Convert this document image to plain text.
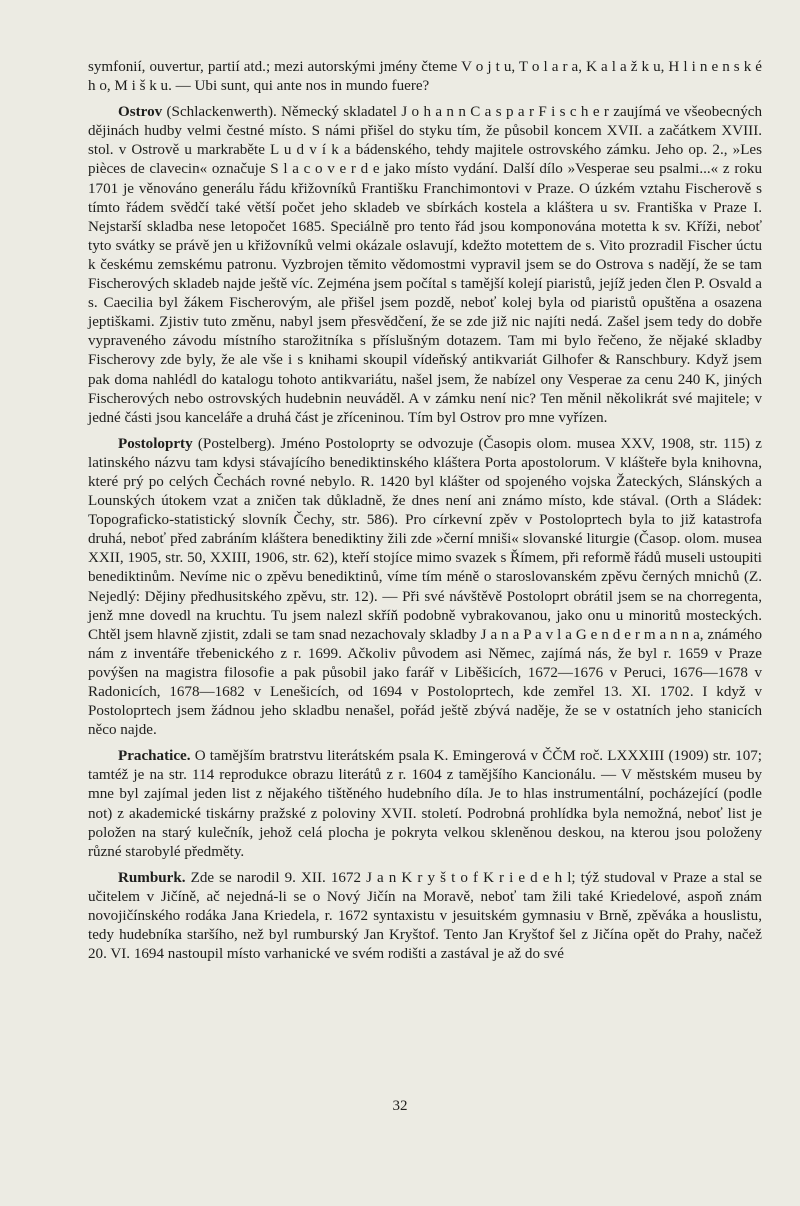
symfonií, ouvertur, partií atd.; mezi autorskými jmény čteme V o j t u, T o l a r a, K a l a ž k u, H l i n e n s k é h o, M i š k u. — Ubi sunt, qui ante nos in mundo fuere?

Ostrov (Schlackenwerth). Německý skladatel J o h a n n C a s p a r F i s c h e r zaujímá ve všeobecných dějinách hudby velmi čestné místo. S námi přišel do styku tím, že působil koncem XVII. a začátkem XVIII. stol. v Ostrově u markraběte L u d v í k a bádenského, tehdy majitele ostrovského zámku. Jeho op. 2., »Les pièces de clavecin« označuje S l a c o v e r d e jako místo vydání. Další dílo »Vesperae seu psalmi...« z roku 1701 je věnováno generálu řádu křižovníků Františku Franchimontovi v Praze. O úzkém vztahu Fischerově s tímto řádem svědčí také větší počet jeho skladeb ve sbírkách kostela a kláštera u sv. Františka v Praze I. Nejstarší skladba nese letopočet 1685. Speciálně pro tento řád jsou komponována motetta k sv. Kříži, neboť tyto svátky se právě jen u křižovníků velmi okázale oslavují, kdežto motettem de s. Vito prozradil Fischer úctu k českému zemskému patronu. Vyzbrojen těmito vědomostmi vypravil jsem se do Ostrova s nadějí, že se tam Fischerových skladeb najde ještě víc. Zejména jsem počítal s tamější kolejí piaristů, jejíž jeden člen P. Osvald a s. Caecilia byl žákem Fischerovým, ale přišel jsem pozdě, neboť kolej byla od piaristů opuštěna a osazena jeptiškami. Zjistiv tuto změnu, nabyl jsem přesvědčení, že se zde již nic najíti nedá. Zašel jsem tedy do dobře vypraveného závodu místního starožitníka s příslušným dotazem. Tam mi bylo řečeno, že nějaké skladby Fischerovy zde byly, že ale vše i s knihami skoupil vídeňský antikvariát Gilhofer & Ranschbury. Když jsem pak doma nahlédl do katalogu tohoto antikvariátu, našel jsem, že nabízel ony Vesperae za cenu 240 K, jiných Fischerových nebo ostrovských hudebnin neuváděl. A v zámku není nic? Ten měnil několikrát své majitele; v jedné části jsou kanceláře a druhá část je zříceninou. Tím byl Ostrov pro mne vyřízen.

Postoloprty (Postelberg). Jméno Postoloprty se odvozuje (Časopis olom. musea XXV, 1908, str. 115) z latinského názvu tam kdysi stávajícího benediktinského kláštera Porta apostolorum. V klášteře byla knihovna, které prý po celých Čechách rovné nebylo. R. 1420 byl klášter od spojeného vojska Žateckých, Slánských a Lounských útokem vzat a zničen tak důkladně, že dnes není ani známo místo, kde stával. (Orth a Sládek: Topograficko-statistický slovník Čechy, str. 586). Pro církevní zpěv v Postoloprtech byla to již katastrofa druhá, neboť před zabráním kláštera benediktiny žili zde »černí mniši« slovanské liturgie (Časop. olom. musea XXII, 1905, str. 50, XXIII, 1906, str. 62), kteří stojíce mimo svazek s Římem, při reformě řádů museli ustoupiti benediktinům. Nevíme nic o zpěvu benediktinů, víme tím méně o staroslovanském zpěvu černých mnichů (Z. Nejedlý: Dějiny předhusitského zpěvu, str. 12). — Při své návštěvě Postoloprt obrátil jsem se na chorregenta, jenž mne dovedl na kruchtu. Tu jsem nalezl skříň podobně vybrakovanou, jako onu u minoritů mosteckých. Chtěl jsem hlavně zjistit, zdali se tam snad nezachovaly skladby J a n a P a v l a G e n d e r m a n n a, známého nám z inventáře třebenického z r. 1699. Ačkoliv původem asi Němec, zajímá nás, že byl r. 1659 v Praze povýšen na magistra filosofie a pak působil jako farář v Liběšicích, 1672—1676 v Peruci, 1676—1678 v Radonicích, 1678—1682 v Lenešicích, od 1694 v Postoloprtech, kde zemřel 13. XI. 1702. I když v Postoloprtech jsem žádnou jeho skladbu nenašel, pořád ještě zbývá naděje, že se v ostatních jeho stanicích něco najde.

Prachatice. O tamějším bratrstvu literátském psala K. Emingerová v ČČM roč. LXXXIII (1909) str. 107; tamtéž je na str. 114 reprodukce obrazu literátů z r. 1604 z tamějšího Kancionálu. — V městském museu by mne byl zajímal jeden list z nějakého tištěného hudebního díla. Je to hlas instrumentální, pocházející (podle not) z akademické tiskárny pražské z poloviny XVII. století. Podrobná prohlídka byla nemožná, neboť list je položen na starý kulečník, jehož celá plocha je pokryta velkou skleněnou deskou, na kterou jsou položeny různé starobylé předměty.

Rumburk. Zde se narodil 9. XII. 1672 J a n K r y š t o f K r i e d e h l; týž studoval v Praze a stal se učitelem v Jičíně, ač nejedná-li se o Nový Jičín na Moravě, neboť tam žili také Kriedelové, aspoň znám novojičínského rodáka Jana Kriedela, r. 1672 syntaxistu v jesuitském gymnasiu v Brně, zpěváka a houslistu, tedy hudebníka staršího, než byl rumburský Jan Kryštof. Tento Jan Kryštof šel z Jičína opět do Prahy, načež 20. VI. 1694 nastoupil místo varhanické ve svém rodišti a zastával je až do své

32
